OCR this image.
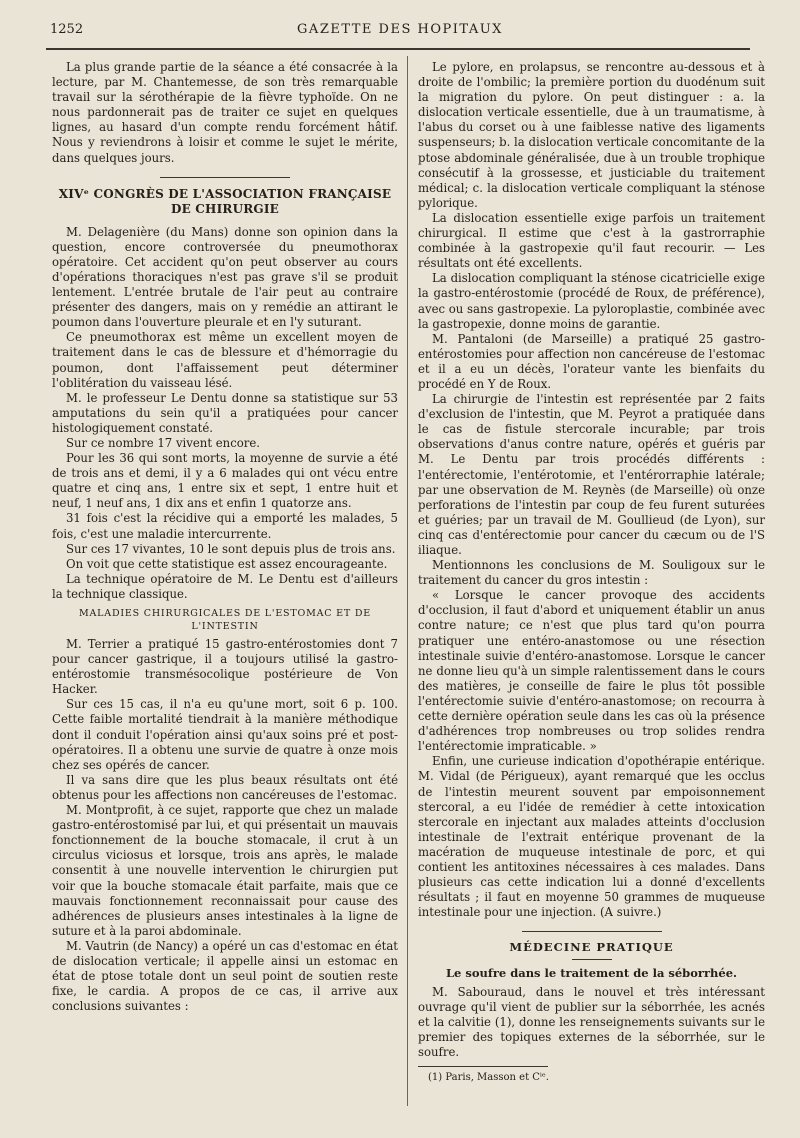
1252	GAZETTE DES HOPITAUX

La plus grande partie de la séance a été consacrée à la lecture, par M. Chantemesse, de son très remarquable travail sur la sérothérapie de la fièvre typhoïde. On ne nous pardonnerait pas de traiter ce sujet en quelques lignes, au hasard d'un compte rendu forcément hâtif. Nous y reviendrons à loisir et comme le sujet le mérite, dans quelques jours.

XIVᵉ CONGRÈS DE L'ASSOCIATION FRANÇAISE DE CHIRURGIE

M. Delagenière (du Mans) donne son opinion dans la question, encore controversée du pneumothorax opératoire. Cet accident qu'on peut observer au cours d'opérations thoraciques n'est pas grave s'il se produit lentement. L'entrée brutale de l'air peut au contraire présenter des dangers, mais on y remédie an attirant le poumon dans l'ouverture pleurale et en l'y suturant.

Ce pneumothorax est même un excellent moyen de traitement dans le cas de blessure et d'hémorragie du poumon, dont l'affaissement peut déterminer l'oblitération du vaisseau lésé.

M. le professeur Le Dentu donne sa statistique sur 53 amputations du sein qu'il a pratiquées pour cancer histologiquement constaté.

Sur ce nombre 17 vivent encore.

Pour les 36 qui sont morts, la moyenne de survie a été de trois ans et demi, il y a 6 malades qui ont vécu entre quatre et cinq ans, 1 entre six et sept, 1 entre huit et neuf, 1 neuf ans, 1 dix ans et enfin 1 quatorze ans.

31 fois c'est la récidive qui a emporté les malades, 5 fois, c'est une maladie intercurrente.

Sur ces 17 vivantes, 10 le sont depuis plus de trois ans.

On voit que cette statistique est assez encourageante.

La technique opératoire de M. Le Dentu est d'ailleurs la technique classique.

MALADIES CHIRURGICALES DE L'ESTOMAC ET DE L'INTESTIN

M. Terrier a pratiqué 15 gastro-entérostomies dont 7 pour cancer gastrique, il a toujours utilisé la gastro-entérostomie transmésocolique postérieure de Von Hacker.

Sur ces 15 cas, il n'a eu qu'une mort, soit 6 p. 100. Cette faible mortalité tiendrait à la manière méthodique dont il conduit l'opération ainsi qu'aux soins pré et post-opératoires. Il a obtenu une survie de quatre à onze mois chez ses opérés de cancer.

Il va sans dire que les plus beaux résultats ont été obtenus pour les affections non cancéreuses de l'estomac.

M. Montprofit, à ce sujet, rapporte que chez un malade gastro-entérostomisé par lui, et qui présentait un mauvais fonctionnement de la bouche stomacale, il crut à un circulus viciosus et lorsque, trois ans après, le malade consentit à une nouvelle intervention le chirurgien put voir que la bouche stomacale était parfaite, mais que ce mauvais fonctionnement reconnaissait pour cause des adhérences de plusieurs anses intestinales à la ligne de suture et à la paroi abdominale.

M. Vautrin (de Nancy) a opéré un cas d'estomac en état de dislocation verticale; il appelle ainsi un estomac en état de ptose totale dont un seul point de soutien reste fixe, le cardia. A propos de ce cas, il arrive aux conclusions suivantes :

Le pylore, en prolapsus, se rencontre au-dessous et à droite de l'ombilic; la première portion du duodénum suit la migration du pylore. On peut distinguer : a. la dislocation verticale essentielle, due à un traumatisme, à l'abus du corset ou à une faiblesse native des ligaments suspenseurs; b. la dislocation verticale concomitante de la ptose abdominale généralisée, due à un trouble trophique consécutif à la grossesse, et justiciable du traitement médical; c. la dislocation verticale compliquant la sténose pylorique.

La dislocation essentielle exige parfois un traitement chirurgical. Il estime que c'est à la gastrorraphie combinée à la gastropexie qu'il faut recourir. — Les résultats ont été excellents.

La dislocation compliquant la sténose cicatricielle exige la gastro-entérostomie (procédé de Roux, de préférence), avec ou sans gastropexie. La pyloroplastie, combinée avec la gastropexie, donne moins de garantie.

M. Pantaloni (de Marseille) a pratiqué 25 gastro-entérostomies pour affection non cancéreuse de l'estomac et il a eu un décès, l'orateur vante les bienfaits du procédé en Y de Roux.

La chirurgie de l'intestin est représentée par 2 faits d'exclusion de l'intestin, que M. Peyrot a pratiquée dans le cas de fistule stercorale incurable; par trois observations d'anus contre nature, opérés et guéris par M. Le Dentu par trois procédés différents : l'entérectomie, l'entérotomie, et l'entérorraphie latérale; par une observation de M. Reynès (de Marseille) où onze perforations de l'intestin par coup de feu furent suturées et guéries; par un travail de M. Goullieud (de Lyon), sur cinq cas d'entérectomie pour cancer du cæcum ou de l'S iliaque.

Mentionnons les conclusions de M. Souligoux sur le traitement du cancer du gros intestin :

« Lorsque le cancer provoque des accidents d'occlusion, il faut d'abord et uniquement établir un anus contre nature; ce n'est que plus tard qu'on pourra pratiquer une entéro-anastomose ou une résection intestinale suivie d'entéro-anastomose. Lorsque le cancer ne donne lieu qu'à un simple ralentissement dans le cours des matières, je conseille de faire le plus tôt possible l'entérectomie suivie d'entéro-anastomose; on recourra à cette dernière opération seule dans les cas où la présence d'adhérences trop nombreuses ou trop solides rendra l'entérectomie impraticable. »

Enfin, une curieuse indication d'opothérapie entérique. M. Vidal (de Périgueux), ayant remarqué que les occlus de l'intestin meurent souvent par empoisonnement stercoral, a eu l'idée de remédier à cette intoxication stercorale en injectant aux malades atteints d'occlusion intestinale de l'extrait entérique provenant de la macération de muqueuse intestinale de porc, et qui contient les antitoxines nécessaires à ces malades. Dans plusieurs cas cette indication lui a donné d'excellents résultats ; il faut en moyenne 50 grammes de muqueuse intestinale pour une injection. (A suivre.)

MÉDECINE PRATIQUE
Le soufre dans le traitement de la séborrhée.

M. Sabouraud, dans le nouvel et très intéressant ouvrage qu'il vient de publier sur la séborrhée, les acnés et la calvitie (1), donne les renseignements suivants sur le premier des topiques externes de la séborrhée, sur le soufre.

(1) Paris, Masson et Cⁱᵉ.
